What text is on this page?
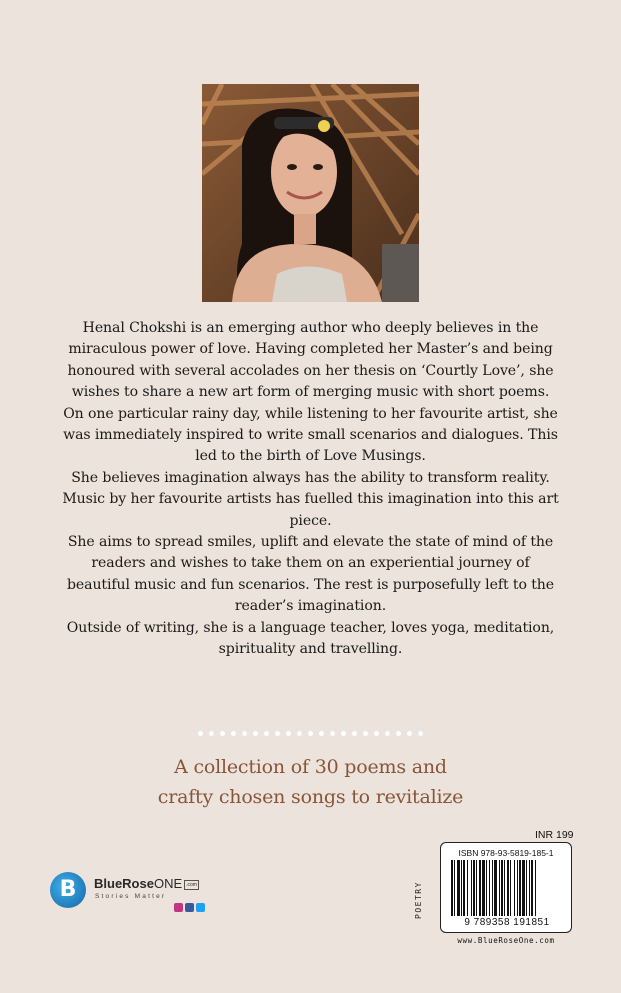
Henal Chokshi is an emerging author who deeply believes in the miraculous power of love. Having completed her Master’s and being honoured with several accolades on her thesis on ‘Courtly Love’, she wishes to share a new art form of merging music with short poems.

On one particular rainy day, while listening to her favourite artist, she was immediately inspired to write small scenarios and dialogues. This led to the birth of Love Musings.

She believes imagination always has the ability to transform reality. Music by her favourite artists has fuelled this imagination into this art piece.

She aims to spread smiles, uplift and elevate the state of mind of the readers and wishes to take them on an experiential journey of beautiful music and fun scenarios. The rest is purposefully left to the reader’s imagination.

Outside of writing, she is a language teacher, loves yoga, meditation, spirituality and travelling.

A collection of 30 poems and
crafty chosen songs to revitalize
B	BlueRoseONE .com
Stories Matter
INR 199
POETRY
ISBN 978-93-5819-185-1
9 789358 191851
www.BlueRoseOne.com
